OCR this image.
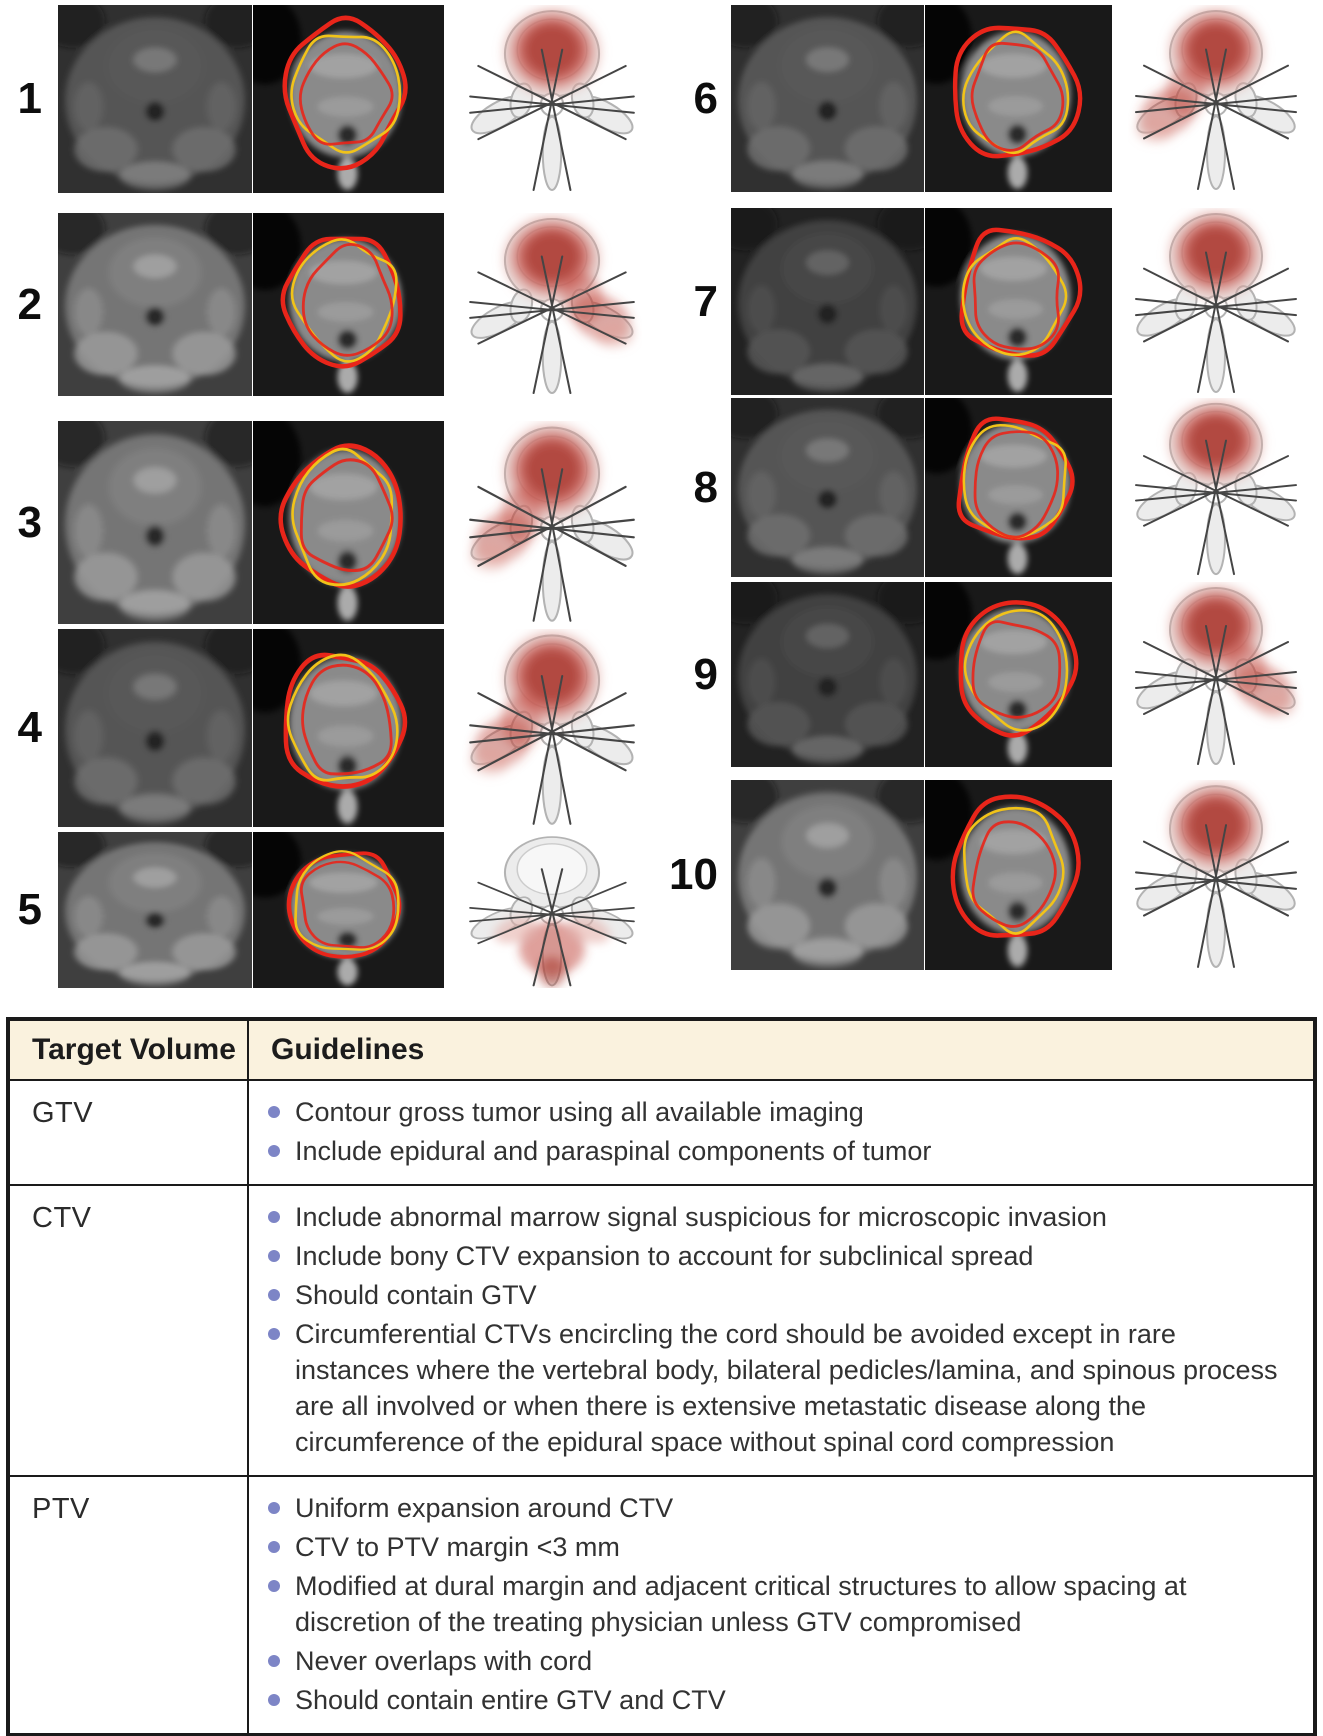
1
2
3
4
5
6
7
8
9
10
Target Volume	Guidelines
GTV	Contour gross tumor using all available imaging
Include epidural and paraspinal components of tumor

CTV	Include abnormal marrow signal suspicious for microscopic invasion
Include bony CTV expansion to account for subclinical spread
Should contain GTV
Circumferential CTVs encircling the cord should be avoided except in rare instances where the vertebral body, bilateral pedicles/lamina, and spinous process are all involved or when there is extensive metastatic disease along the circumference of the epidural space without spinal cord compression

PTV	Uniform expansion around CTV
CTV to PTV margin <3 mm
Modified at dural margin and adjacent critical structures to allow spacing at discretion of the treating physician unless GTV compromised
Never overlaps with cord
Should contain entire GTV and CTV
